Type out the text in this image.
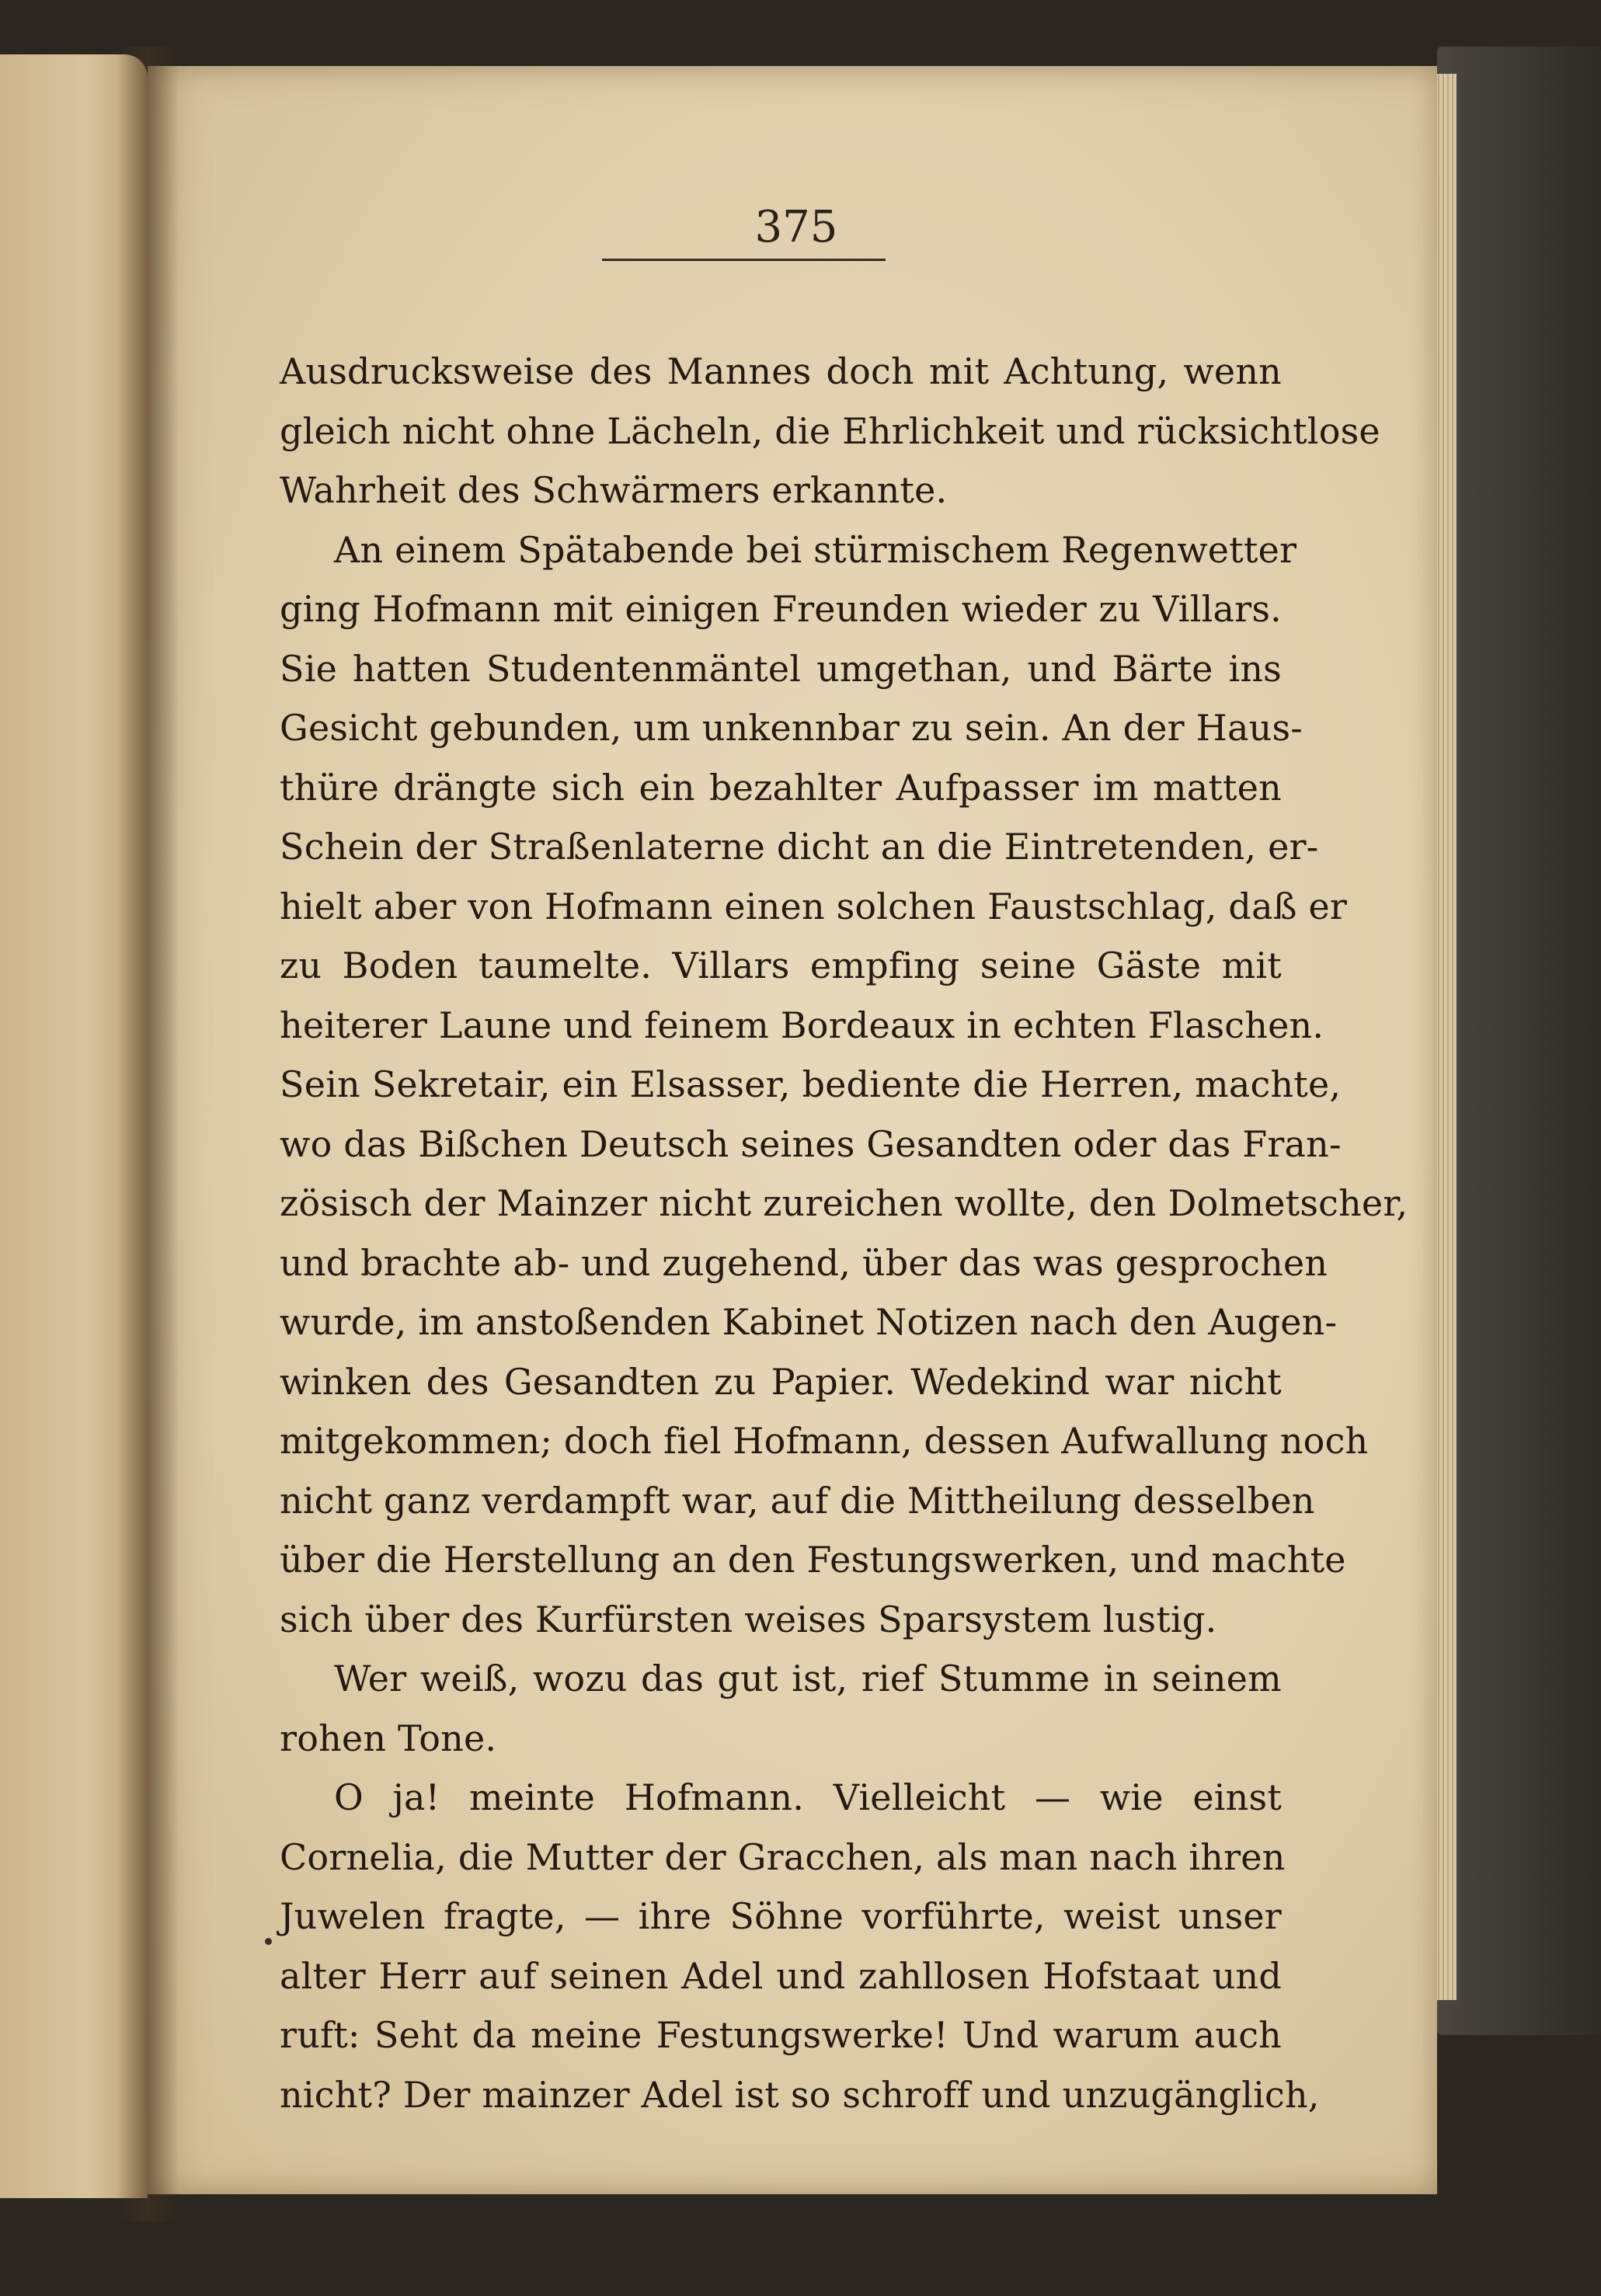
375
Ausdrucksweise des Mannes doch mit Achtung, wenn
gleich nicht ohne Lächeln, die Ehrlichkeit und rücksichtlose
Wahrheit des Schwärmers erkannte.
An einem Spätabende bei stürmischem Regenwetter
ging Hofmann mit einigen Freunden wieder zu Villars.
Sie hatten Studentenmäntel umgethan, und Bärte ins
Gesicht gebunden, um unkennbar zu sein. An der Haus-
thüre drängte sich ein bezahlter Aufpasser im matten
Schein der Straßenlaterne dicht an die Eintretenden, er-
hielt aber von Hofmann einen solchen Faustschlag, daß er
zu Boden taumelte. Villars empfing seine Gäste mit
heiterer Laune und feinem Bordeaux in echten Flaschen.
Sein Sekretair, ein Elsasser, bediente die Herren, machte,
wo das Bißchen Deutsch seines Gesandten oder das Fran-
zösisch der Mainzer nicht zureichen wollte, den Dolmetscher,
und brachte ab- und zugehend, über das was gesprochen
wurde, im anstoßenden Kabinet Notizen nach den Augen-
winken des Gesandten zu Papier. Wedekind war nicht
mitgekommen; doch fiel Hofmann, dessen Aufwallung noch
nicht ganz verdampft war, auf die Mittheilung desselben
über die Herstellung an den Festungswerken, und machte
sich über des Kurfürsten weises Sparsystem lustig.
Wer weiß, wozu das gut ist, rief Stumme in seinem
rohen Tone.
O ja! meinte Hofmann. Vielleicht — wie einst
Cornelia, die Mutter der Gracchen, als man nach ihren
Juwelen fragte, — ihre Söhne vorführte, weist unser
alter Herr auf seinen Adel und zahllosen Hofstaat und
ruft: Seht da meine Festungswerke! Und warum auch
nicht? Der mainzer Adel ist so schroff und unzugänglich,
